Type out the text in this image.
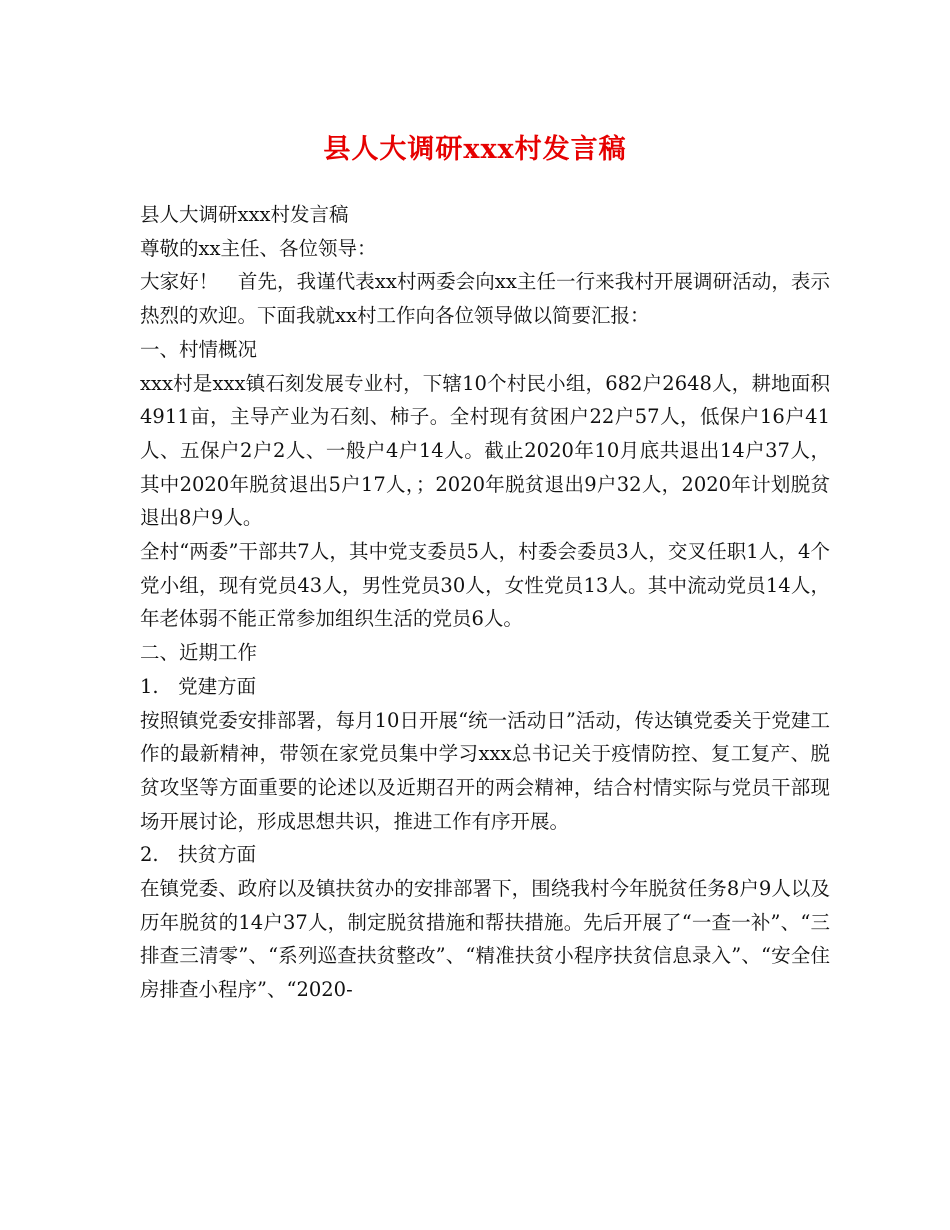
县人大调研xxx村发言稿

县人大调研xxx村发言稿

尊敬的xx主任、各位领导：

大家好！　首先，我谨代表xx村两委会向xx主任一行来我村开展调研活动，表示热烈的欢迎。下面我就xx村工作向各位领导做以简要汇报：

一、村情概况

xxx村是xxx镇石刻发展专业村，下辖10个村民小组，682户2648人，耕地面积4911亩，主导产业为石刻、柿子。全村现有贫困户22户57人，低保户16户41人、五保户2户2人、一般户4户14人。截止2020年10月底共退出14户37人，其中2020年脱贫退出5户17人，；2020年脱贫退出9户32人，2020年计划脱贫退出8户9人。

全村“两委”干部共7人，其中党支委员5人，村委会委员3人，交叉任职1人，4个党小组，现有党员43人，男性党员30人，女性党员13人。其中流动党员14人，年老体弱不能正常参加组织生活的党员6人。

二、近期工作

1.　党建方面

按照镇党委安排部署，每月10日开展“统一活动日”活动，传达镇党委关于党建工作的最新精神，带领在家党员集中学习xxx总书记关于疫情防控、复工复产、脱贫攻坚等方面重要的论述以及近期召开的两会精神，结合村情实际与党员干部现场开展讨论，形成思想共识，推进工作有序开展。

2.　扶贫方面

在镇党委、政府以及镇扶贫办的安排部署下，围绕我村今年脱贫任务8户9人以及历年脱贫的14户37人，制定脱贫措施和帮扶措施。先后开展了“一查一补”、“三排查三清零”、“系列巡查扶贫整改”、“精准扶贫小程序扶贫信息录入”、“安全住房排查小程序”、“2020-
